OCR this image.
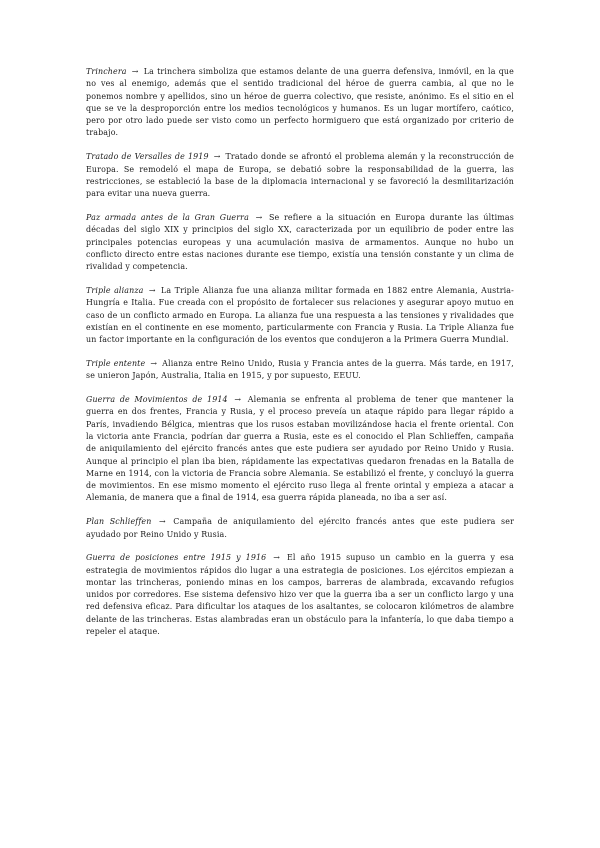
Trinchera → La trinchera simboliza que estamos delante de una guerra defensiva, inmóvil, en la que no ves al enemigo, además que el sentido tradicional del héroe de guerra cambia, al que no le ponemos nombre y apellidos, sino un héroe de guerra colectivo, que resiste, anónimo. Es el sitio en el que se ve la desproporción entre los medios tecnológicos y humanos. Es un lugar mortífero, caótico, pero por otro lado puede ser visto como un perfecto hormiguero que está organizado por criterio de trabajo.

Tratado de Versalles de 1919 → Tratado donde se afrontó el problema alemán y la reconstrucción de Europa. Se remodeló el mapa de Europa, se debatió sobre la responsabilidad de la guerra, las restricciones, se estableció la base de la diplomacia internacional y se favoreció la desmilitarización para evitar una nueva guerra.

Paz armada antes de la Gran Guerra → Se refiere a la situación en Europa durante las últimas décadas del siglo XIX y principios del siglo XX, caracterizada por un equilibrio de poder entre las principales potencias europeas y una acumulación masiva de armamentos. Aunque no hubo un conflicto directo entre estas naciones durante ese tiempo, existía una tensión constante y un clima de rivalidad y competencia.

Triple alianza → La Triple Alianza fue una alianza militar formada en 1882 entre Alemania, Austria-Hungría e Italia. Fue creada con el propósito de fortalecer sus relaciones y asegurar apoyo mutuo en caso de un conflicto armado en Europa. La alianza fue una respuesta a las tensiones y rivalidades que existían en el continente en ese momento, particularmente con Francia y Rusia. La Triple Alianza fue un factor importante en la configuración de los eventos que condujeron a la Primera Guerra Mundial.

Triple entente → Alianza entre Reino Unido, Rusia y Francia antes de la guerra. Más tarde, en 1917, se unieron Japón, Australia, Italia en 1915, y por supuesto, EEUU.

Guerra de Movimientos de 1914 → Alemania se enfrenta al problema de tener que mantener la guerra en dos frentes, Francia y Rusia, y el proceso preveía un ataque rápido para llegar rápido a París, invadiendo Bélgica, mientras que los rusos estaban movilizándose hacia el frente oriental. Con la victoria ante Francia, podrían dar guerra a Rusia, este es el conocido el Plan Schlieffen, campaña de aniquilamiento del ejército francés antes que este pudiera ser ayudado por Reino Unido y Rusia. Aunque al principio el plan iba bien, rápidamente las expectativas quedaron frenadas en la Batalla de Marne en 1914, con la victoria de Francia sobre Alemania. Se estabilizó el frente, y concluyó la guerra de movimientos. En ese mismo momento el ejército ruso llega al frente orintal y empieza a atacar a Alemania, de manera que a final de 1914, esa guerra rápida planeada, no iba a ser así.

Plan Schlieffen → Campaña de aniquilamiento del ejército francés antes que este pudiera ser ayudado por Reino Unido y Rusia.

Guerra de posiciones entre 1915 y 1916 → El año 1915 supuso un cambio en la guerra y esa estrategia de movimientos rápidos dio lugar a una estrategia de posiciones. Los ejércitos empiezan a montar las trincheras, poniendo minas en los campos, barreras de alambrada, excavando refugios unidos por corredores. Ese sistema defensivo hizo ver que la guerra iba a ser un conflicto largo y una red defensiva eficaz. Para dificultar los ataques de los asaltantes, se colocaron kilómetros de alambre delante de las trincheras. Estas alambradas eran un obstáculo para la infantería, lo que daba tiempo a repeler el ataque.
